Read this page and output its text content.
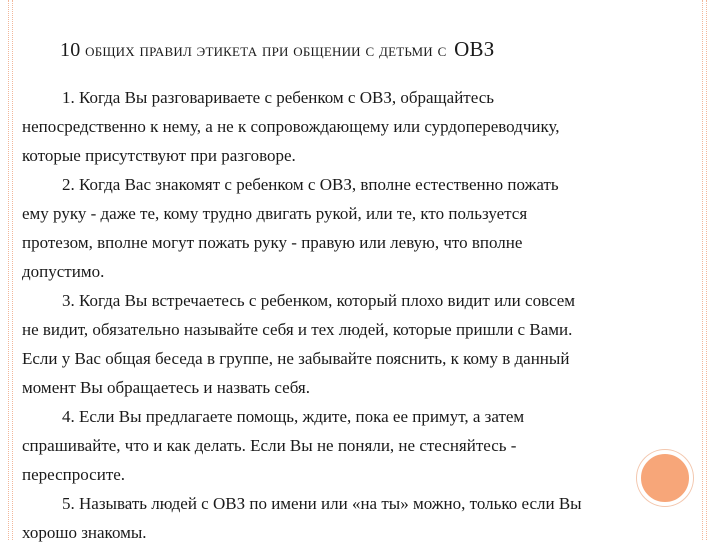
10 общих правил этикета при общении с детьми с ОВЗ
1. Когда Вы разговариваете с ребенком с ОВЗ, обращайтесь
непосредственно к нему, а не к сопровождающему или сурдопереводчику,
которые присутствуют при разговоре.
2. Когда Вас знакомят с ребенком с ОВЗ, вполне естественно пожать
ему руку - даже те, кому трудно двигать рукой, или те, кто пользуется
протезом, вполне могут пожать руку - правую или левую, что вполне
допустимо.
3. Когда Вы встречаетесь с ребенком, который плохо видит или совсем
не видит, обязательно называйте себя и тех людей, которые пришли с Вами.
Если у Вас общая беседа в группе, не забывайте пояснить, к кому в данный
момент Вы обращаетесь и назвать себя.
4. Если Вы предлагаете помощь, ждите, пока ее примут, а затем
спрашивайте, что и как делать. Если Вы не поняли, не стесняйтесь -
переспросите.
5. Называть людей с ОВЗ по имени или «на ты» можно, только если Вы
хорошо знакомы.
